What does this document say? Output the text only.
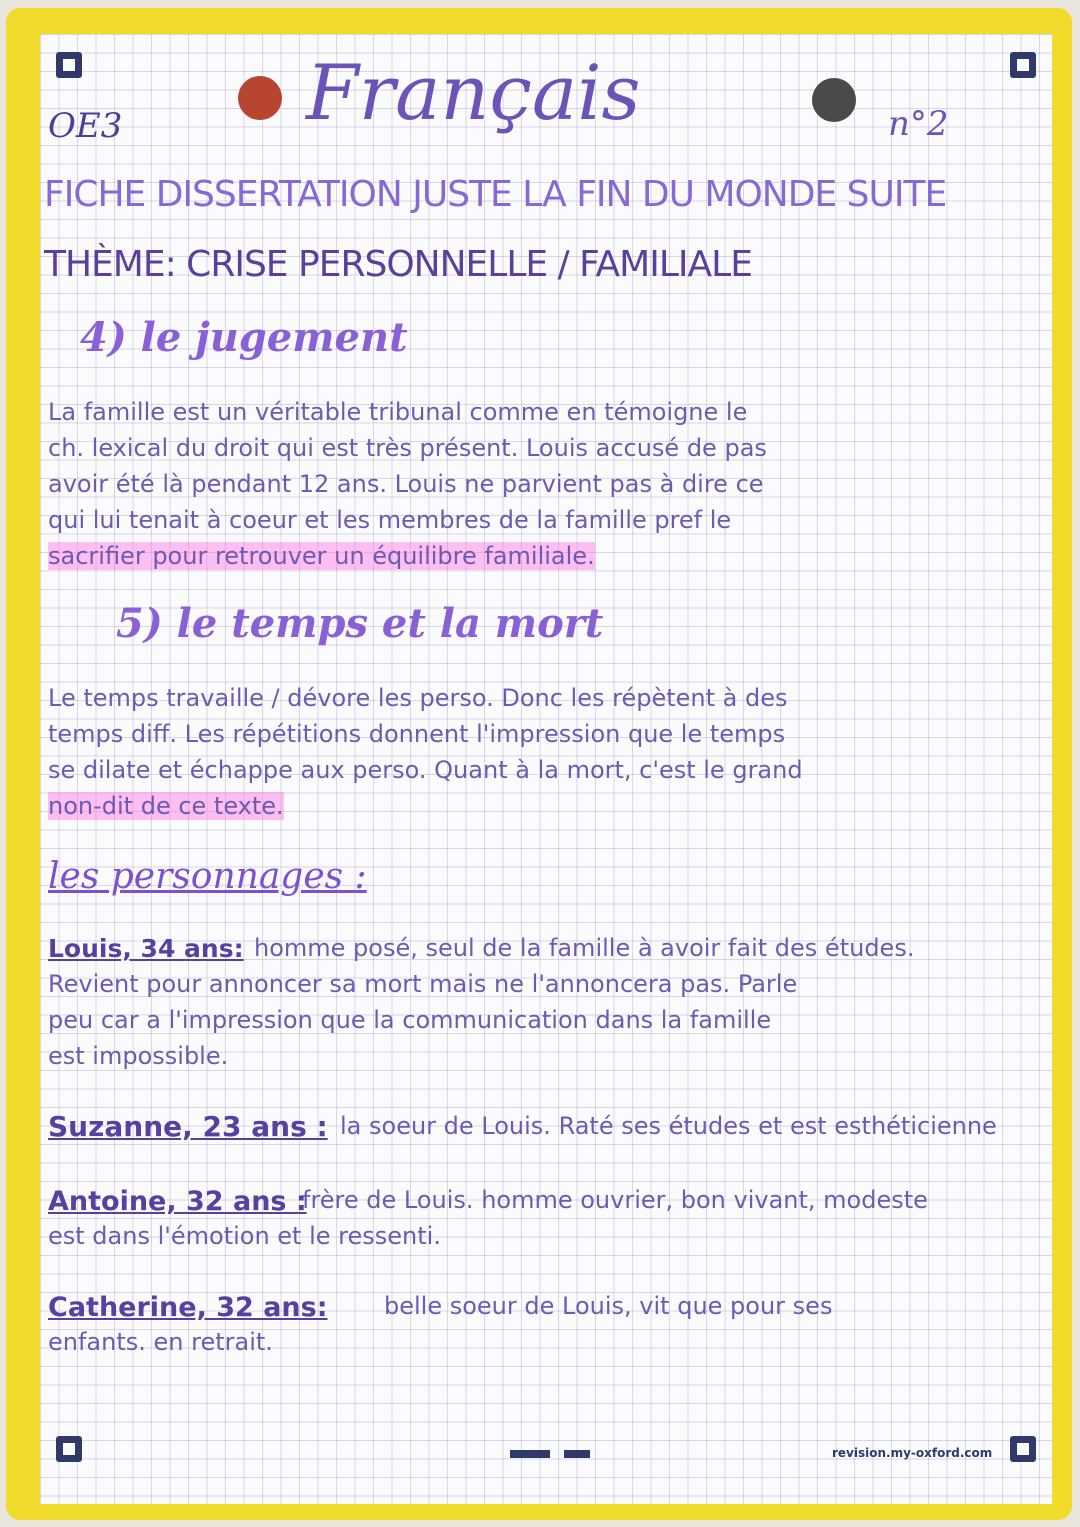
OE3 Français	n°2
FICHE DISSERTATION JUSTE LA FIN DU MONDE SUITE
THÈME: CRISE PERSONNELLE / FAMILIALE
4) le jugement
La famille est un véritable tribunal comme en témoigne le
ch. lexical du droit qui est très présent. Louis accusé de pas
avoir été là pendant 12 ans. Louis ne parvient pas à dire ce
qui lui tenait à coeur et les membres de la famille pref le
sacrifier pour retrouver un équilibre familiale.
5) le temps et la mort
Le temps travaille / dévore les perso. Donc les répètent à des
temps diff. Les répétitions donnent l'impression que le temps
se dilate et échappe aux perso. Quant à la mort, c'est le grand
non-dit de ce texte.
les personnages :
Louis, 34 ans: homme posé, seul de la famille à avoir fait des études.
Revient pour annoncer sa mort mais ne l'annoncera pas. Parle
peu car a l'impression que la communication dans la famille
est impossible.
Suzanne, 23 ans : la soeur de Louis. Raté ses études et est esthéticienne
Antoine, 32 ans :
frère de Louis. homme ouvrier, bon vivant, modeste
est dans l'émotion et le ressenti.
Catherine, 32 ans: belle soeur de Louis, vit que pour ses
enfants. en retrait.
revision.my-oxford.com
